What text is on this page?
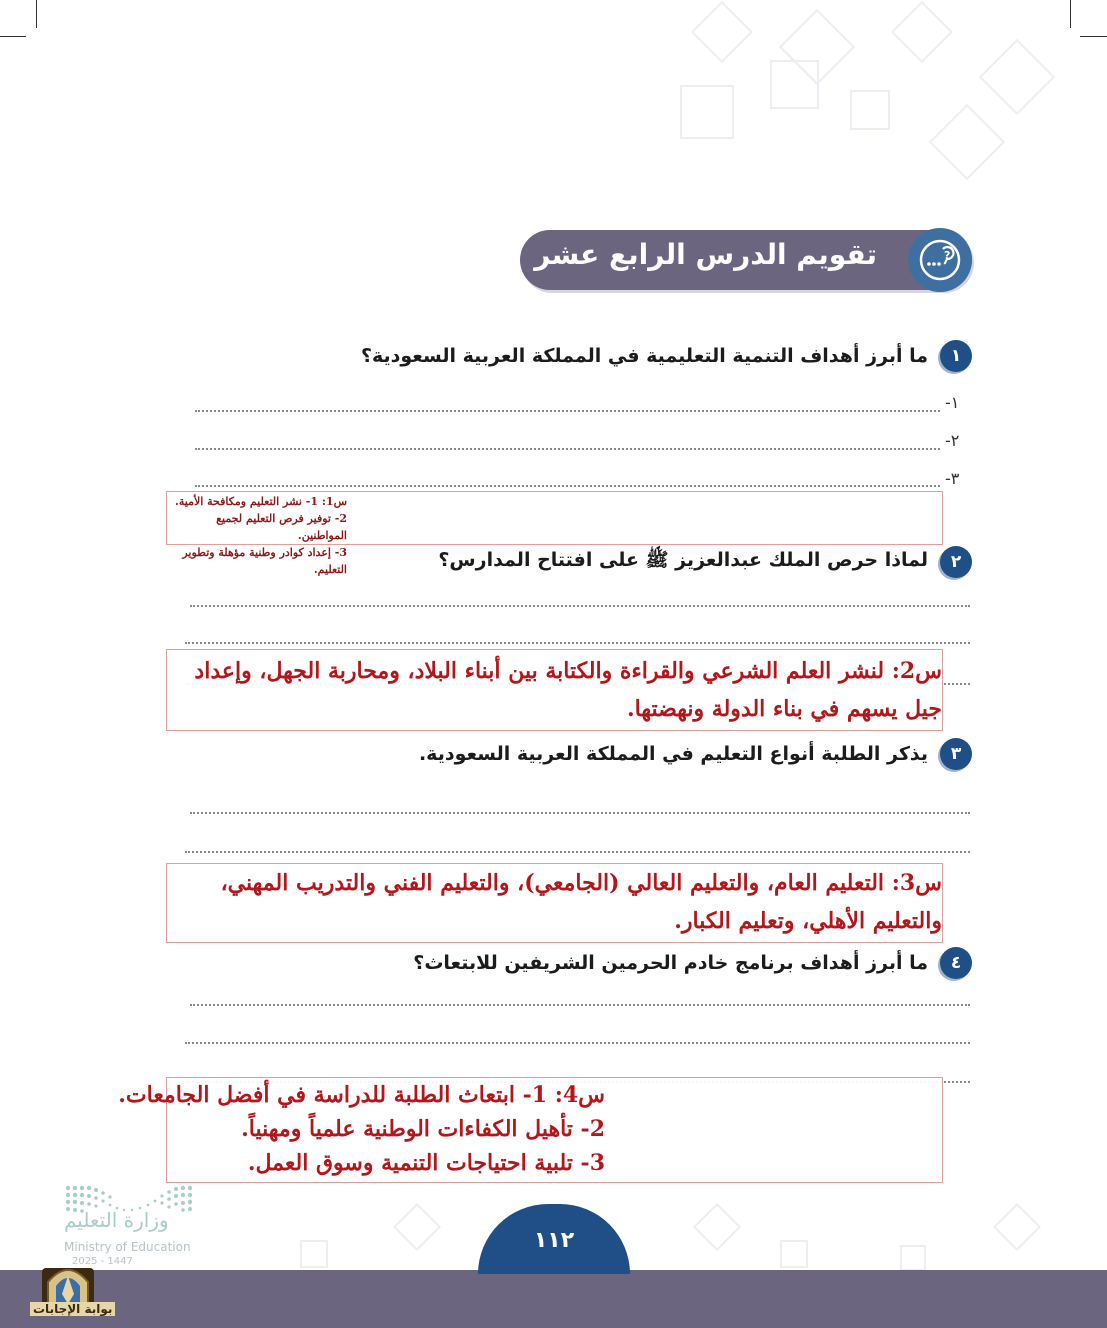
تقويم الدرس الرابع عشر	?
١
ما أبرز أهداف التنمية التعليمية في المملكة العربية السعودية؟
١-
٢-
٣-
س1: 1- نشر التعليم ومكافحة الأمية.
2- توفير فرص التعليم لجميع المواطنين.
3- إعداد كوادر وطنية مؤهلة وتطوير التعليم.	٢
لماذا حرص الملك عبدالعزيز ﷺ على افتتاح المدارس؟
س2: لنشر العلم الشرعي والقراءة والكتابة بين أبناء البلاد، ومحاربة الجهل، وإعداد
جيل يسهم في بناء الدولة ونهضتها.
٣
يذكر الطلبة أنواع التعليم في المملكة العربية السعودية.
س3: التعليم العام، والتعليم العالي (الجامعي)، والتعليم الفني والتدريب المهني،
والتعليم الأهلي، وتعليم الكبار.
٤
ما أبرز أهداف برنامج خادم الحرمين الشريفين للابتعاث؟
س4: 1- ابتعاث الطلبة للدراسة في أفضل الجامعات.
2- تأهيل الكفاءات الوطنية علمياً ومهنياً.
3- تلبية احتياجات التنمية وسوق العمل.
وزارة التعليم
Ministry of Education
2025 - 1447
١١٢
بوابة الإجابات
